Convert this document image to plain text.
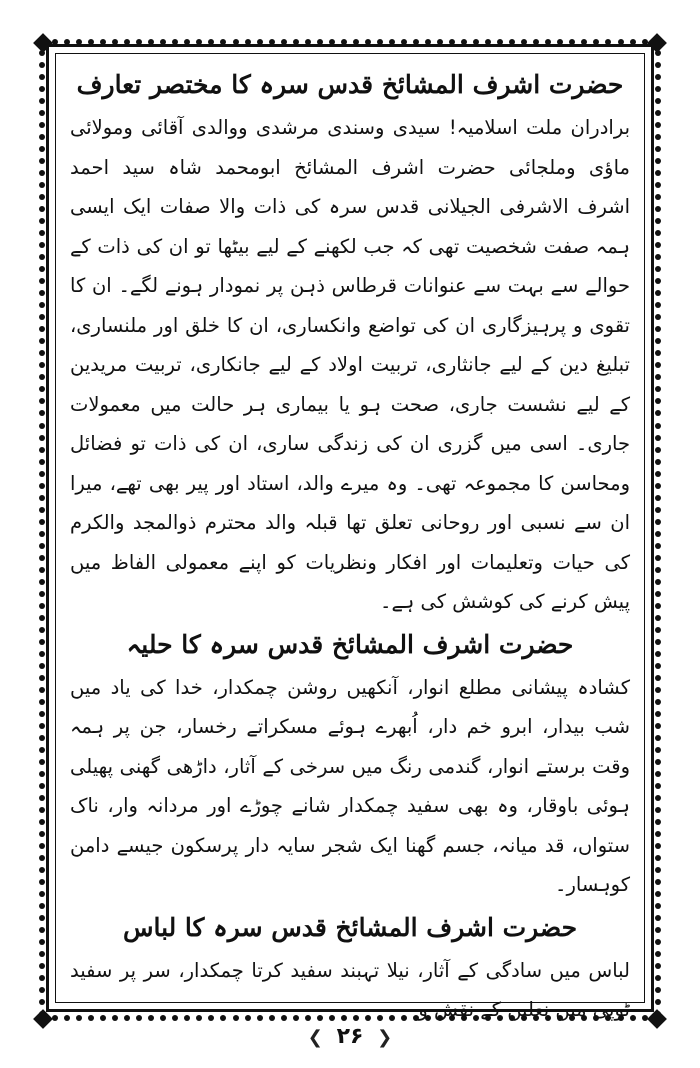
حضرت اشرف المشائخ قدس سرہ کا مختصر تعارف

برادران ملت اسلامیہ! سیدی وسندی مرشدی ووالدی آقائی ومولائی ماؤی وملجائی حضرت اشرف المشائخ ابومحمد شاہ سید احمد اشرف الاشرفی الجیلانی قدس سرہ کی ذات والا صفات ایک ایسی ہمہ صفت شخصیت تھی کہ جب لکھنے کے لیے بیٹھا تو ان کی ذات کے حوالے سے بہت سے عنوانات قرطاس ذہن پر نمودار ہونے لگے۔ ان کا تقوی و پرہیزگاری ان کی تواضع وانکساری، ان کا خلق اور ملنساری، تبلیغ دین کے لیے جانثاری، تربیت اولاد کے لیے جانکاری، تربیت مریدین کے لیے نشست جاری، صحت ہو یا بیماری ہر حالت میں معمولات جاری۔ اسی میں گزری ان کی زندگی ساری، ان کی ذات تو فضائل ومحاسن کا مجموعہ تھی۔ وہ میرے والد، استاد اور پیر بھی تھے، میرا ان سے نسبی اور روحانی تعلق تھا قبلہ والد محترم ذوالمجد والکرم کی حیات وتعلیمات اور افکار ونظریات کو اپنے معمولی الفاظ میں پیش کرنے کی کوشش کی ہے۔

حضرت اشرف المشائخ قدس سرہ کا حلیہ

کشادہ پیشانی مطلع انوار، آنکھیں روشن چمکدار، خدا کی یاد میں شب بیدار، ابرو خم دار، اُبھرے ہوئے مسکراتے رخسار، جن پر ہمہ وقت برستے انوار، گندمی رنگ میں سرخی کے آثار، داڑھی گھنی پھیلی ہوئی باوقار، وہ بھی سفید چمکدار شانے چوڑے اور مردانہ وار، ناک ستواں، قد میانہ، جسم گھنا ایک شجر سایہ دار پرسکون جیسے دامن کوہسار۔

حضرت اشرف المشائخ قدس سرہ کا لباس

لباس میں سادگی کے آثار، نیلا تہبند سفید کرتا چمکدار، سر پر سفید ٹوپی میں نعلین کے نقش و

❮ ۲۶ ❯
